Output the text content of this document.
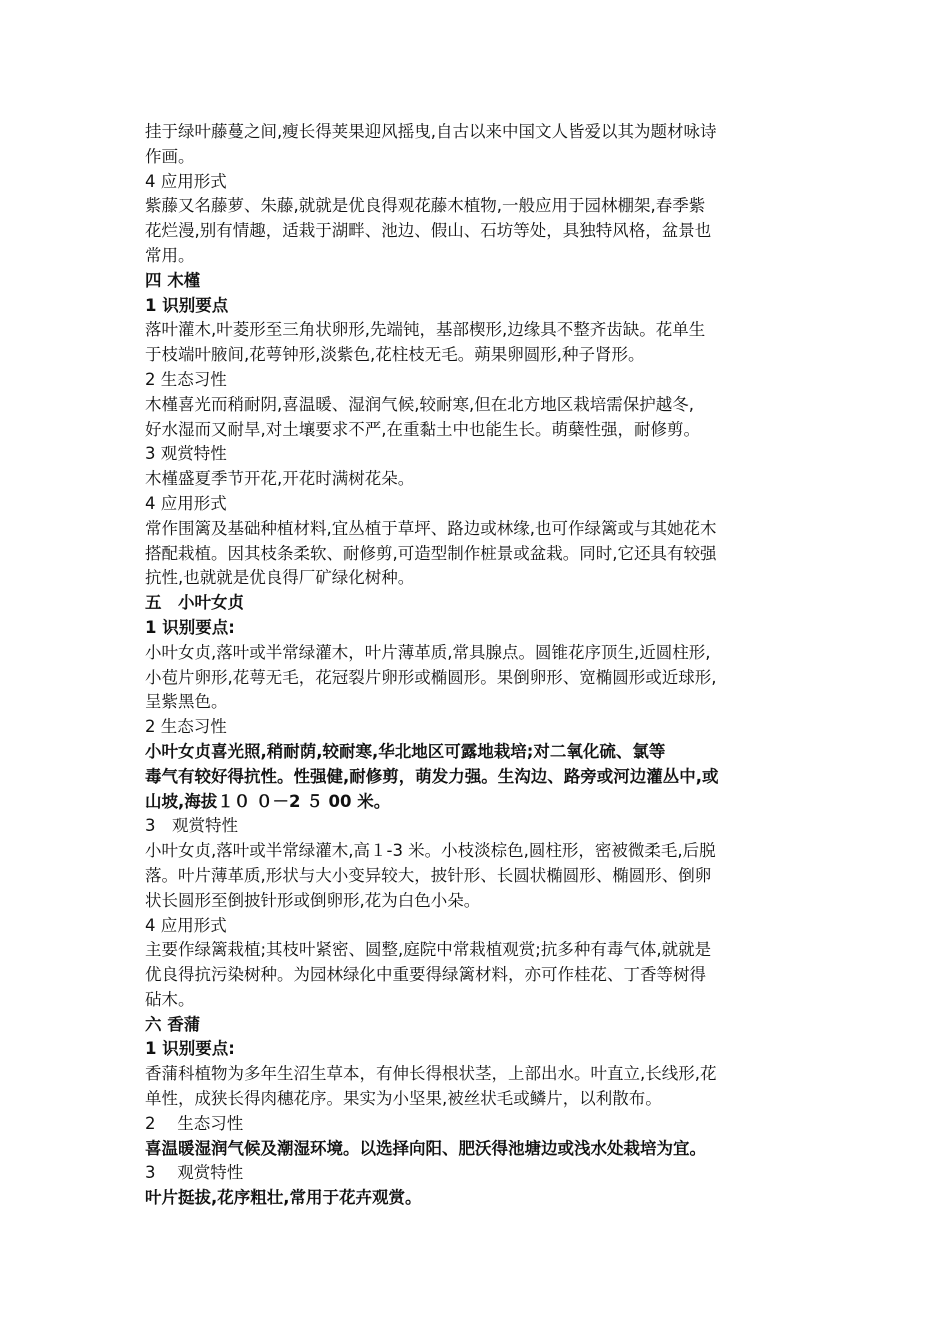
挂于绿叶藤蔓之间,瘦长得荚果迎风摇曳,自古以来中国文人皆爱以其为题材咏诗
作画。
4 应用形式
紫藤又名藤萝、朱藤,就就是优良得观花藤木植物,一般应用于园林棚架,春季紫
花烂漫,别有情趣，适栽于湖畔、池边、假山、石坊等处，具独特风格，盆景也
常用。
四 木槿
1 识别要点
落叶灌木,叶菱形至三角状卵形,先端钝，基部楔形,边缘具不整齐齿缺。花单生
于枝端叶腋间,花萼钟形,淡紫色,花柱枝无毛。蒴果卵圆形,种子肾形。
2 生态习性
木槿喜光而稍耐阴,喜温暖、湿润气候,较耐寒,但在北方地区栽培需保护越冬,
好水湿而又耐旱,对土壤要求不严,在重黏土中也能生长。萌蘖性强，耐修剪。
3 观赏特性
木槿盛夏季节开花,开花时满树花朵。
4 应用形式
常作围篱及基础种植材料,宜丛植于草坪、路边或林缘,也可作绿篱或与其她花木
搭配栽植。因其枝条柔软、耐修剪,可造型制作桩景或盆栽。同时,它还具有较强
抗性,也就就是优良得厂矿绿化树种。
五　小叶女贞
1 识别要点:
小叶女贞,落叶或半常绿灌木，叶片薄革质,常具腺点。圆锥花序顶生,近圆柱形,
小苞片卵形,花萼无毛，花冠裂片卵形或椭圆形。果倒卵形、宽椭圆形或近球形,
呈紫黑色。
2 生态习性
小叶女贞喜光照,稍耐荫,较耐寒,华北地区可露地栽培;对二氧化硫、氯等
毒气有较好得抗性。性强健,耐修剪，萌发力强。生沟边、路旁或河边灌丛中,或
山坡,海拔１０ ０－2 ５ 00 米。
3　观赏特性
小叶女贞,落叶或半常绿灌木,高１-3 米。小枝淡棕色,圆柱形，密被微柔毛,后脱
落。叶片薄革质,形状与大小变异较大，披针形、长圆状椭圆形、椭圆形、倒卵
状长圆形至倒披针形或倒卵形,花为白色小朵。
4 应用形式
主要作绿篱栽植;其枝叶紧密、圆整,庭院中常栽植观赏;抗多种有毒气体,就就是
优良得抗污染树种。为园林绿化中重要得绿篱材料，亦可作桂花、丁香等树得
砧木。
六 香蒲
1 识别要点:
香蒲科植物为多年生沼生草本，有伸长得根状茎，上部出水。叶直立,长线形,花
单性，成狭长得肉穗花序。果实为小坚果,被丝状毛或鳞片，以利散布。
2　 生态习性
喜温暖湿润气候及潮湿环境。以选择向阳、肥沃得池塘边或浅水处栽培为宜。
3　 观赏特性
叶片挺拔,花序粗壮,常用于花卉观赏。
